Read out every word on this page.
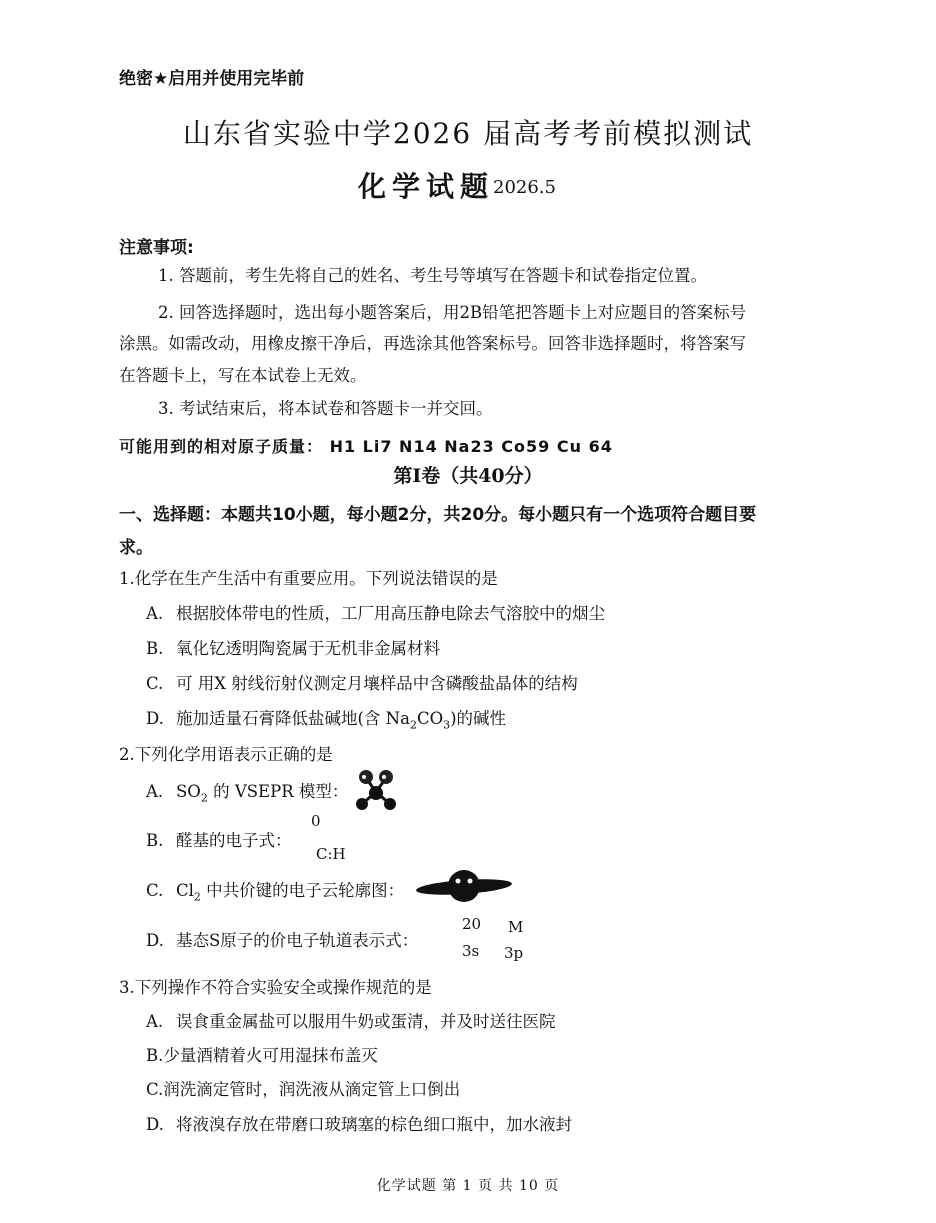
绝密★启用并使用完毕前
山东省实验中学2026 届高考考前模拟测试
化学试题
2026.5
注意事项:
1. 答题前，考生先将自己的姓名、考生号等填写在答题卡和试卷指定位置。
2. 回答选择题时，选出每小题答案后，用2B铅笔把答题卡上对应题目的答案标号
涂黑。如需改动，用橡皮擦干净后，再选涂其他答案标号。回答非选择题时，将答案写
在答题卡上，写在本试卷上无效。
3. 考试结束后，将本试卷和答题卡一并交回。
可能用到的相对原子质量： H1 Li7 N14 Na23 Co59 Cu 64
第Ⅰ卷（共40分）
一、选择题：本题共10小题，每小题2分，共20分。每小题只有一个选项符合题目要
求。
1.化学在生产生活中有重要应用。下列说法错误的是
A. 根据胶体带电的性质，工厂用高压静电除去气溶胶中的烟尘
B. 氧化钇透明陶瓷属于无机非金属材料
C. 可 用X 射线衍射仪测定月壤样品中含磷酸盐晶体的结构
D. 施加适量石膏降低盐碱地(含 $Na_2CO_3$)的碱性
2.下列化学用语表示正确的是
A. $SO_2$ 的 VSEPR 模型：
B. 醛基的电子式：
0
C:H
C. $Cl_2$ 中共价键的电子云轮廓图：
D. 基态S原子的价电子轨道表示式：
20
3s
M
3p
3.下列操作不符合实验安全或操作规范的是
A. 误食重金属盐可以服用牛奶或蛋清，并及时送往医院
B.少量酒精着火可用湿抹布盖灭
C.润洗滴定管时，润洗液从滴定管上口倒出
D. 将液溴存放在带磨口玻璃塞的棕色细口瓶中，加水液封
化学试题 第 1 页 共 10 页
